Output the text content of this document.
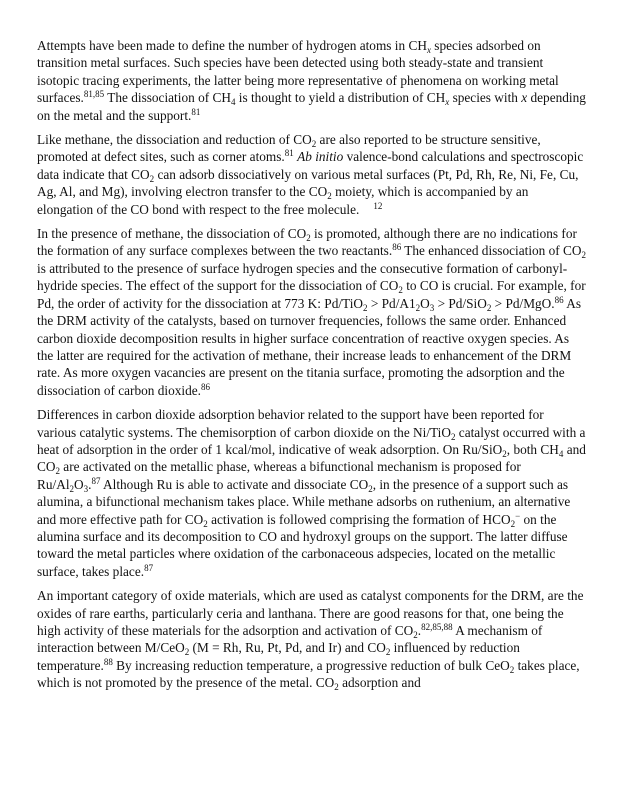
Attempts have been made to define the number of hydrogen atoms in $CH_x$ species adsorbed on transition metal surfaces. Such species have been detected using both steady-state and transient isotopic tracing experiments, the latter being more representative of phenomena on working metal surfaces.$^{81,85}$ The dissociation of $CH_4$ is thought to yield a distribution of $CH_x$ species with x depending on the metal and the support.$^{81}$

Like methane, the dissociation and reduction of $CO_2$ are also reported to be structure sensitive, promoted at defect sites, such as corner atoms.$^{81}$ Ab initio valence-bond calculations and spectroscopic data indicate that $CO_2$ can adsorb dissociatively on various metal surfaces (Pt, Pd, Rh, Re, Ni, Fe, Cu, Ag, Al, and Mg), involving electron transfer to the $CO_2$ moiety, which is accompanied by an elongation of the CO bond with respect to the free molecule. $^{12}$

In the presence of methane, the dissociation of $CO_2$ is promoted, although there are no indications for the formation of any surface complexes between the two reactants.$^{86}$ The enhanced dissociation of $CO_2$ is attributed to the presence of surface hydrogen species and the consecutive formation of carbonyl-hydride species. The effect of the support for the dissociation of $CO_2$ to CO is crucial. For example, for Pd, the order of activity for the dissociation at 773 K: $Pd/TiO_2 > Pd/A1_2O_3 > Pd/SiO_2 > Pd/MgO.^{86}$ As the DRM activity of the catalysts, based on turnover frequencies, follows the same order. Enhanced carbon dioxide decomposition results in higher surface concentration of reactive oxygen species. As the latter are required for the activation of methane, their increase leads to enhancement of the DRM rate. As more oxygen vacancies are present on the titania surface, promoting the adsorption and the dissociation of carbon dioxide.$^{86}$

Differences in carbon dioxide adsorption behavior related to the support have been reported for various catalytic systems. The chemisorption of carbon dioxide on the Ni/TiO$_2$ catalyst occurred with a heat of adsorption in the order of 1 kcal/mol, indicative of weak adsorption. On Ru/SiO$_2$, both $CH_4$ and $CO_2$ are activated on the metallic phase, whereas a bifunctional mechanism is proposed for $Ru/Al_2O_3.^{87}$ Although Ru is able to activate and dissociate $CO_2$, in the presence of a support such as alumina, a bifunctional mechanism takes place. While methane adsorbs on ruthenium, an alternative and more effective path for $CO_2$ activation is followed comprising the formation of $HCO_2^-$ on the alumina surface and its decomposition to CO and hydroxyl groups on the support. The latter diffuse toward the metal particles where oxidation of the carbonaceous adspecies, located on the metallic surface, takes place.$^{87}$

An important category of oxide materials, which are used as catalyst components for the DRM, are the oxides of rare earths, particularly ceria and lanthana. There are good reasons for that, one being the high activity of these materials for the adsorption and activation of $CO_2.^{82,85,88}$ A mechanism of interaction between M/CeO$_2$ (M = Rh, Ru, Pt, Pd, and Ir) and $CO_2$ influenced by reduction temperature.$^{88}$ By increasing reduction temperature, a progressive reduction of bulk CeO$_2$ takes place, which is not promoted by the presence of the metal. $CO_2$ adsorption and
